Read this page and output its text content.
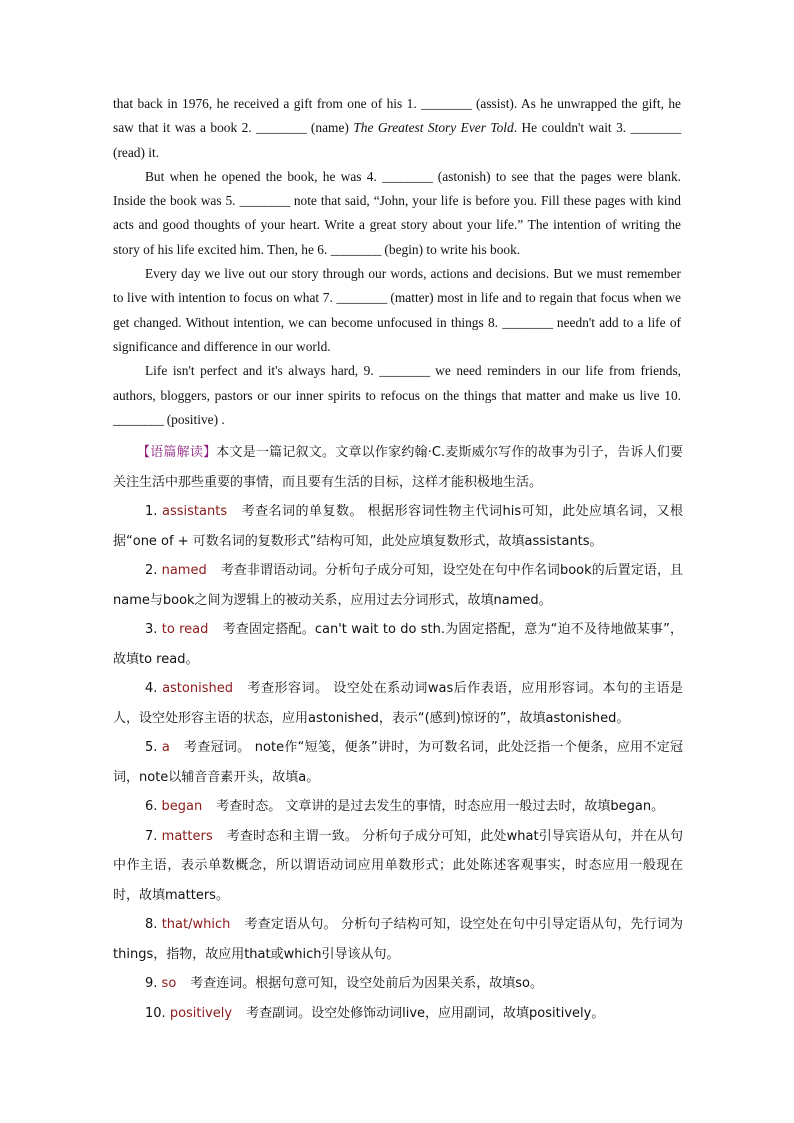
that back in 1976, he received a gift from one of his 1. ________ (assist). As he unwrapped the gift, he saw that it was a book 2. ________ (name) The Greatest Story Ever Told. He couldn't wait 3. ________ (read) it.

But when he opened the book, he was 4. ________ (astonish) to see that the pages were blank. Inside the book was 5. ________ note that said, “John, your life is before you. Fill these pages with kind acts and good thoughts of your heart. Write a great story about your life.” The intention of writing the story of his life excited him. Then, he 6. ________ (begin) to write his book.

Every day we live out our story through our words, actions and decisions. But we must remember to live with intention to focus on what 7. ________ (matter) most in life and to regain that focus when we get changed. Without intention, we can become unfocused in things 8. ________ needn't add to a life of significance and difference in our world.

Life isn't perfect and it's always hard, 9. ________ we need reminders in our life from friends, authors, bloggers, pastors or our inner spirits to refocus on the things that matter and make us live 10. ________ (positive) .

【语篇解读】本文是一篇记叙文。文章以作家约翰·C.麦斯威尔写作的故事为引子，告诉人们要关注生活中那些重要的事情，而且要有生活的目标，这样才能积极地生活。

1. assistants 考查名词的单复数。 根据形容词性物主代词his可知，此处应填名词，又根据“one of + 可数名词的复数形式”结构可知，此处应填复数形式，故填assistants。

2. named 考查非谓语动词。分析句子成分可知，设空处在句中作名词book的后置定语，且name与book之间为逻辑上的被动关系，应用过去分词形式，故填named。

3. to read 考查固定搭配。can't wait to do sth.为固定搭配，意为“迫不及待地做某事”，故填to read。

4. astonished 考查形容词。 设空处在系动词was后作表语，应用形容词。本句的主语是人，设空处形容主语的状态，应用astonished，表示“(感到)惊讶的”，故填astonished。

5. a 考查冠词。 note作“短笺，便条”讲时，为可数名词，此处泛指一个便条，应用不定冠词，note以辅音音素开头，故填a。

6. began 考查时态。 文章讲的是过去发生的事情，时态应用一般过去时，故填began。

7. matters 考查时态和主谓一致。 分析句子成分可知，此处what引导宾语从句，并在从句中作主语，表示单数概念，所以谓语动词应用单数形式；此处陈述客观事实，时态应用一般现在时，故填matters。

8. that/which 考查定语从句。 分析句子结构可知，设空处在句中引导定语从句，先行词为things，指物，故应用that或which引导该从句。

9. so 考查连词。根据句意可知，设空处前后为因果关系，故填so。

10. positively 考查副词。设空处修饰动词live，应用副词，故填positively。
